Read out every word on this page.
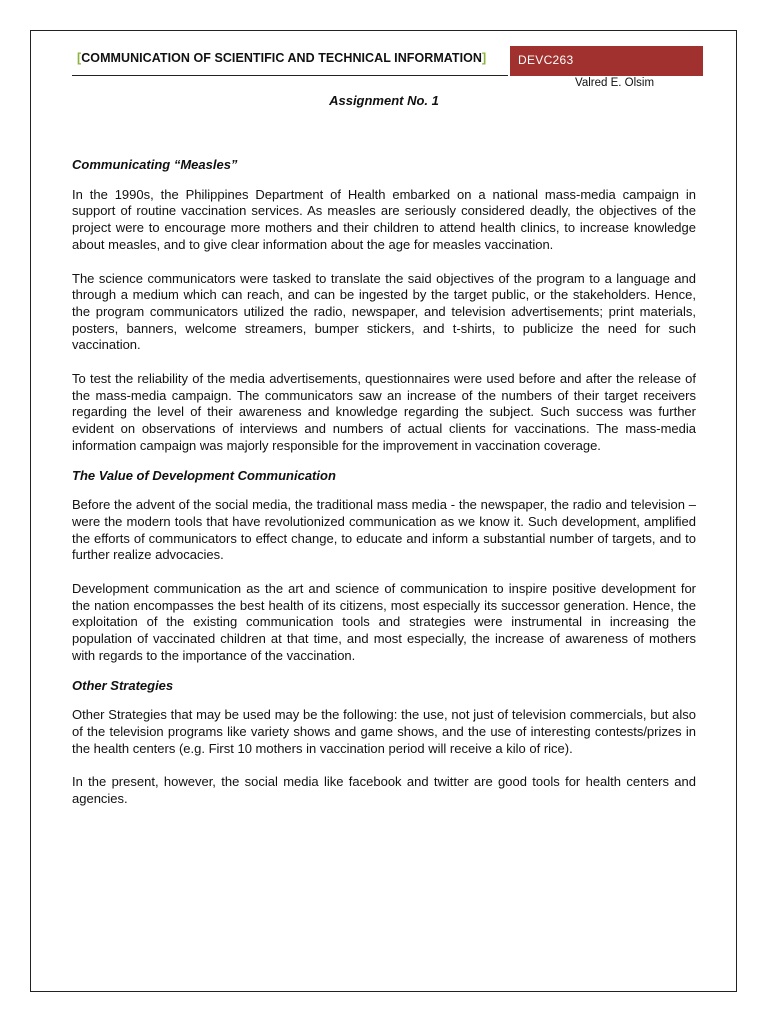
[COMMUNICATION OF SCIENTIFIC AND TECHNICAL INFORMATION]	DEVC263
Valred E. Olsim
Assignment No. 1
Communicating “Measles”

In the 1990s, the Philippines Department of Health embarked on a national mass-media campaign in support of routine vaccination services. As measles are seriously considered deadly, the objectives of the project were to encourage more mothers and their children to attend health clinics, to increase knowledge about measles, and to give clear information about the age for measles vaccination.

The science communicators were tasked to translate the said objectives of the program to a language and through a medium which can reach, and can be ingested by the target public, or the stakeholders. Hence, the program communicators utilized the radio, newspaper, and television advertisements; print materials, posters, banners, welcome streamers, bumper stickers, and t-shirts, to publicize the need for such vaccination.

To test the reliability of the media advertisements, questionnaires were used before and after the release of the mass-media campaign. The communicators saw an increase of the numbers of their target receivers regarding the level of their awareness and knowledge regarding the subject. Such success was further evident on observations of interviews and numbers of actual clients for vaccinations. The mass-media information campaign was majorly responsible for the improvement in vaccination coverage.

The Value of Development Communication

Before the advent of the social media, the traditional mass media - the newspaper, the radio and television – were the modern tools that have revolutionized communication as we know it. Such development, amplified the efforts of communicators to effect change, to educate and inform a substantial number of targets, and to further realize advocacies.

Development communication as the art and science of communication to inspire positive development for the nation encompasses the best health of its citizens, most especially its successor generation. Hence, the exploitation of the existing communication tools and strategies were instrumental in increasing the population of vaccinated children at that time, and most especially, the increase of awareness of mothers with regards to the importance of the vaccination.

Other Strategies

Other Strategies that may be used may be the following: the use, not just of television commercials, but also of the television programs like variety shows and game shows, and the use of interesting contests/prizes in the health centers (e.g. First 10 mothers in vaccination period will receive a kilo of rice).

In the present, however, the social media like facebook and twitter are good tools for health centers and agencies.
